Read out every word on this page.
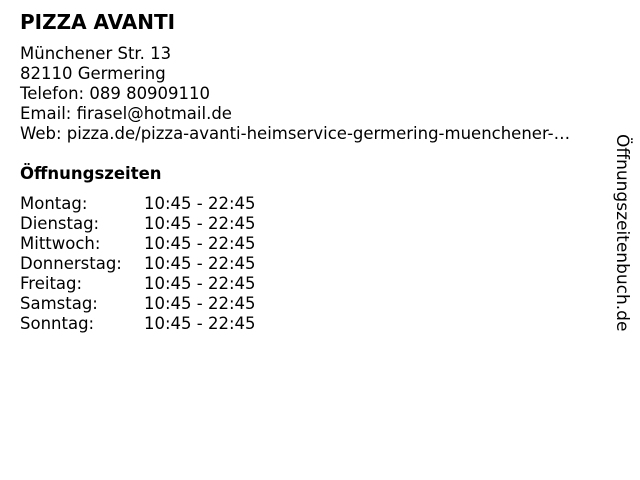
PIZZA AVANTI
Münchener Str. 13
82110 Germering
Telefon: 089 80909110
Email: firasel@hotmail.de
Web: pizza.de/pizza-avanti-heimservice-germering-muenchener-…
Öffnungszeiten
Montag:	10:45 - 22:45
Dienstag:	10:45 - 22:45
Mittwoch:	10:45 - 22:45
Donnerstag:	10:45 - 22:45
Freitag:	10:45 - 22:45
Samstag:	10:45 - 22:45
Sonntag:	10:45 - 22:45	Öffnungszeitenbuch.de
